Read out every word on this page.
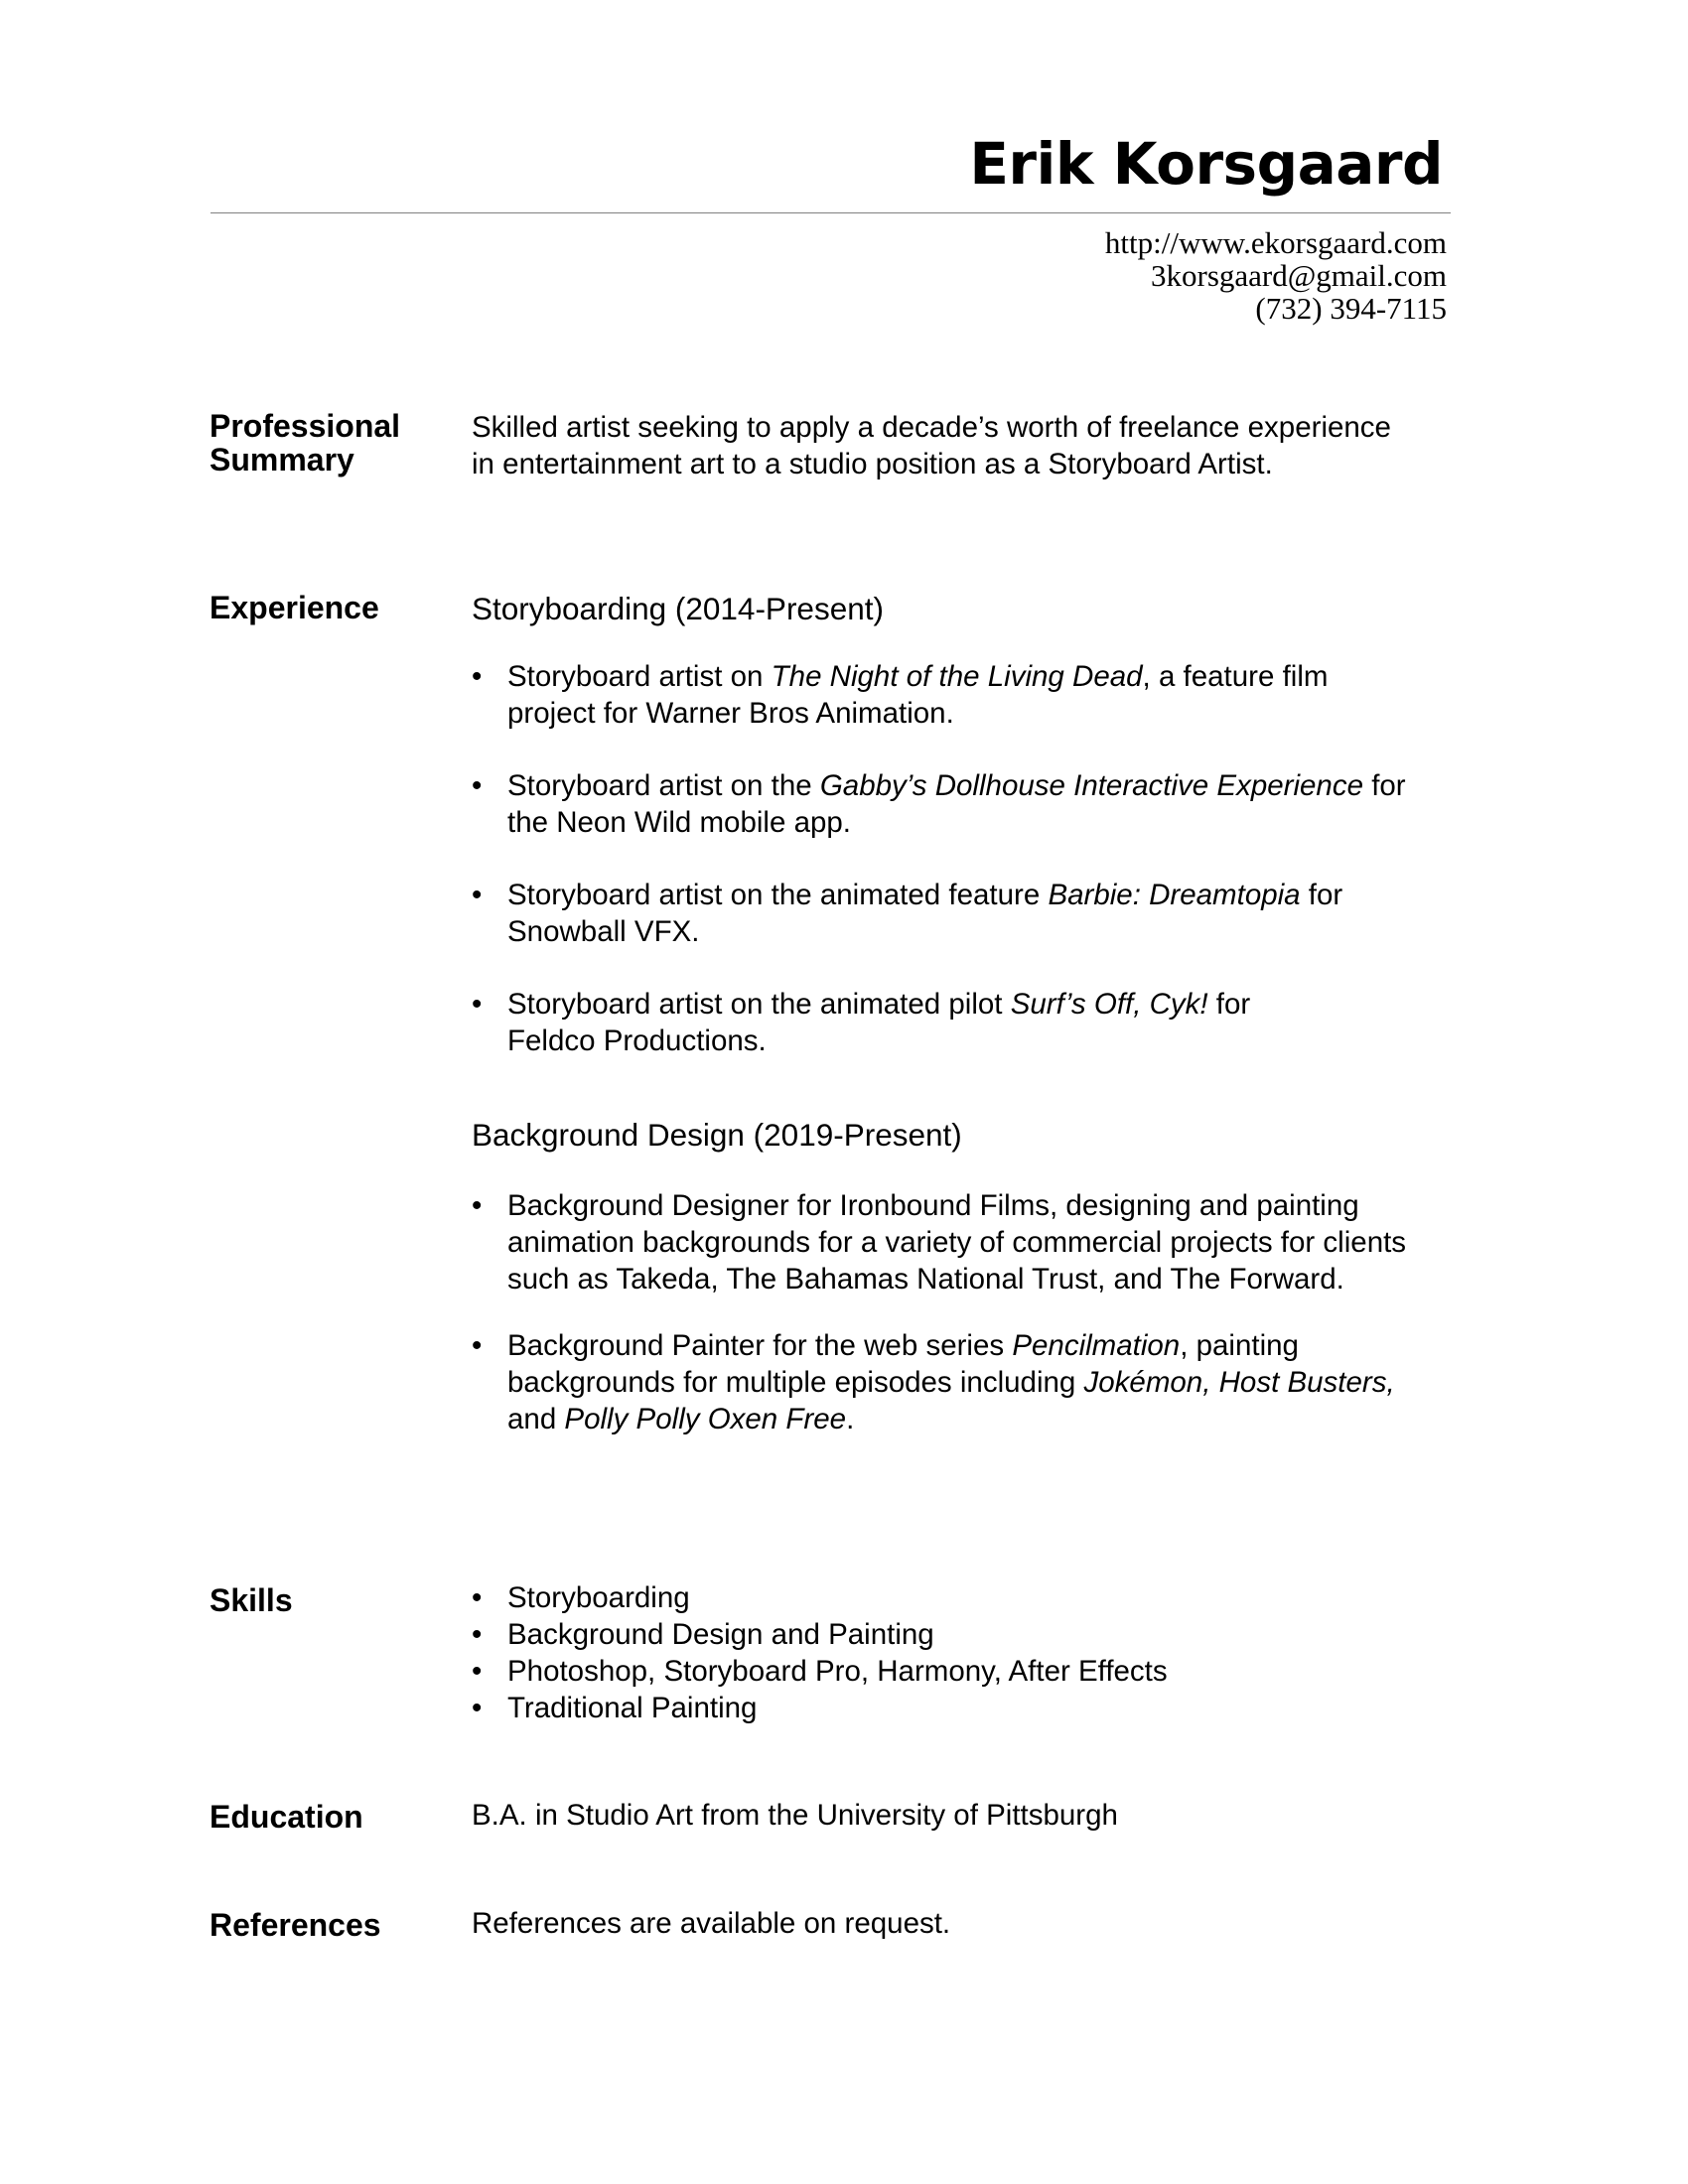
Erik Korsgaard
http://www.ekorsgaard.com
3korsgaard@gmail.com
(732) 394-7115
Professional
Summary
Skilled artist seeking to apply a decade’s worth of freelance experience
in entertainment art to a studio position as a Storyboard Artist.
Experience	Storyboarding (2014-Present)
• Storyboard artist on The Night of the Living Dead, a feature film
project for Warner Bros Animation.
• Storyboard artist on the Gabby’s Dollhouse Interactive Experience for
the Neon Wild mobile app.
• Storyboard artist on the animated feature Barbie: Dreamtopia for
Snowball VFX.
• Storyboard artist on the animated pilot Surf’s Off, Cyk! for
Feldco Productions.
Background Design (2019-Present)
• Background Designer for Ironbound Films, designing and painting
animation backgrounds for a variety of commercial projects for clients
such as Takeda, The Bahamas National Trust, and The Forward.
• Background Painter for the web series Pencilmation, painting
backgrounds for multiple episodes including Jokémon, Host Busters,
and Polly Polly Oxen Free.
Skills
•	Storyboarding
• Background Design and Painting
• Photoshop, Storyboard Pro, Harmony, After Effects
• Traditional Painting
Education	B.A. in Studio Art from the University of Pittsburgh
References	References are available on request.
